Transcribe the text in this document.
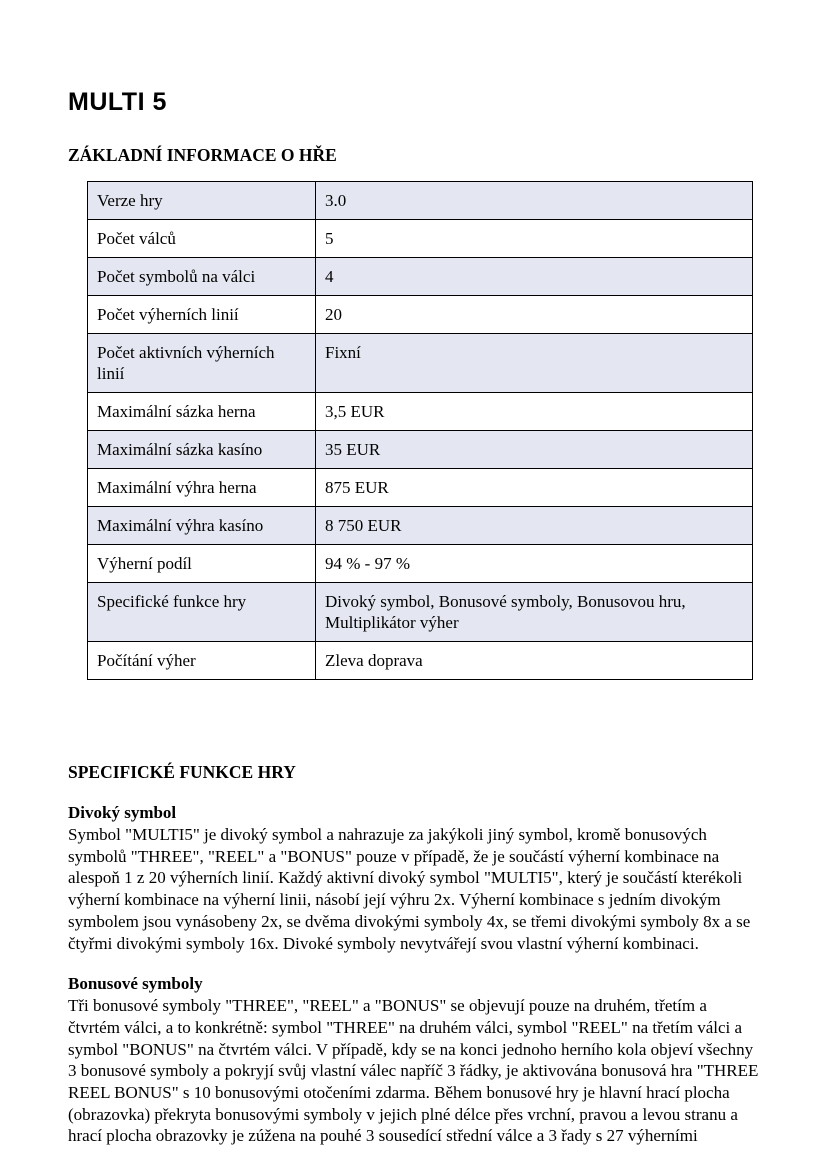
MULTI 5
ZÁKLADNÍ INFORMACE O HŘE
Verze hry	3.0
Počet válců	5
Počet symbolů na válci	4
Počet výherních linií	20
Počet aktivních výherních linií	Fixní
Maximální sázka herna	3,5 EUR
Maximální sázka kasíno	35 EUR
Maximální výhra herna	875 EUR
Maximální výhra kasíno	8 750 EUR
Výherní podíl	94 % - 97 %
Specifické funkce hry	Divoký symbol, Bonusové symboly, Bonusovou hru, Multiplikátor výher
Počítání výher	Zleva doprava
SPECIFICKÉ FUNKCE HRY

Divoký symbol

Symbol "MULTI5" je divoký symbol a nahrazuje za jakýkoli jiný symbol, kromě bonusových symbolů "THREE", "REEL" a "BONUS" pouze v případě, že je součástí výherní kombinace na alespoň 1 z 20 výherních linií. Každý aktivní divoký symbol "MULTI5", který je součástí kterékoli výherní kombinace na výherní linii, násobí její výhru 2x. Výherní kombinace s jedním divokým symbolem jsou vynásobeny 2x, se dvěma divokými symboly 4x, se třemi divokými symboly 8x a se čtyřmi divokými symboly 16x. Divoké symboly nevytvářejí svou vlastní výherní kombinaci.

Bonusové symboly

Tři bonusové symboly "THREE", "REEL" a "BONUS" se objevují pouze na druhém, třetím a čtvrtém válci, a to konkrétně: symbol "THREE" na druhém válci, symbol "REEL" na třetím válci a symbol "BONUS" na čtvrtém válci. V případě, kdy se na konci jednoho herního kola objeví všechny 3 bonusové symboly a pokryjí svůj vlastní válec napříč 3 řádky, je aktivována bonusová hra "THREE REEL BONUS" s 10 bonusovými otočeními zdarma. Během bonusové hry je hlavní hrací plocha (obrazovka) překryta bonusovými symboly v jejich plné délce přes vrchní, pravou a levou stranu a hrací plocha obrazovky je zúžena na pouhé 3 sousedící střední válce a 3 řady s 27 výherními
